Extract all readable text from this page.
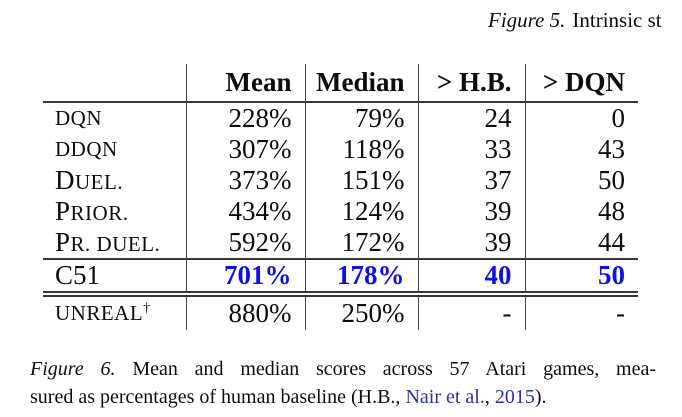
Figure 5. Intrinsic st
	Mean	Median	> H.B.	> DQN

DQN	228%	79%	24	0

DDQN	307%	118%	33	43

DUEL.	373%	151%	37	50

PRIOR.	434%	124%	39	48

PR. DUEL.	592%	172%	39	44

C51	701%	178%	40	50

UNREAL†	880%	250%	-	-
Figure 6. Mean and median scores across 57 Atari games, mea-
sured as percentages of human baseline (H.B., Nair et al., 2015).
